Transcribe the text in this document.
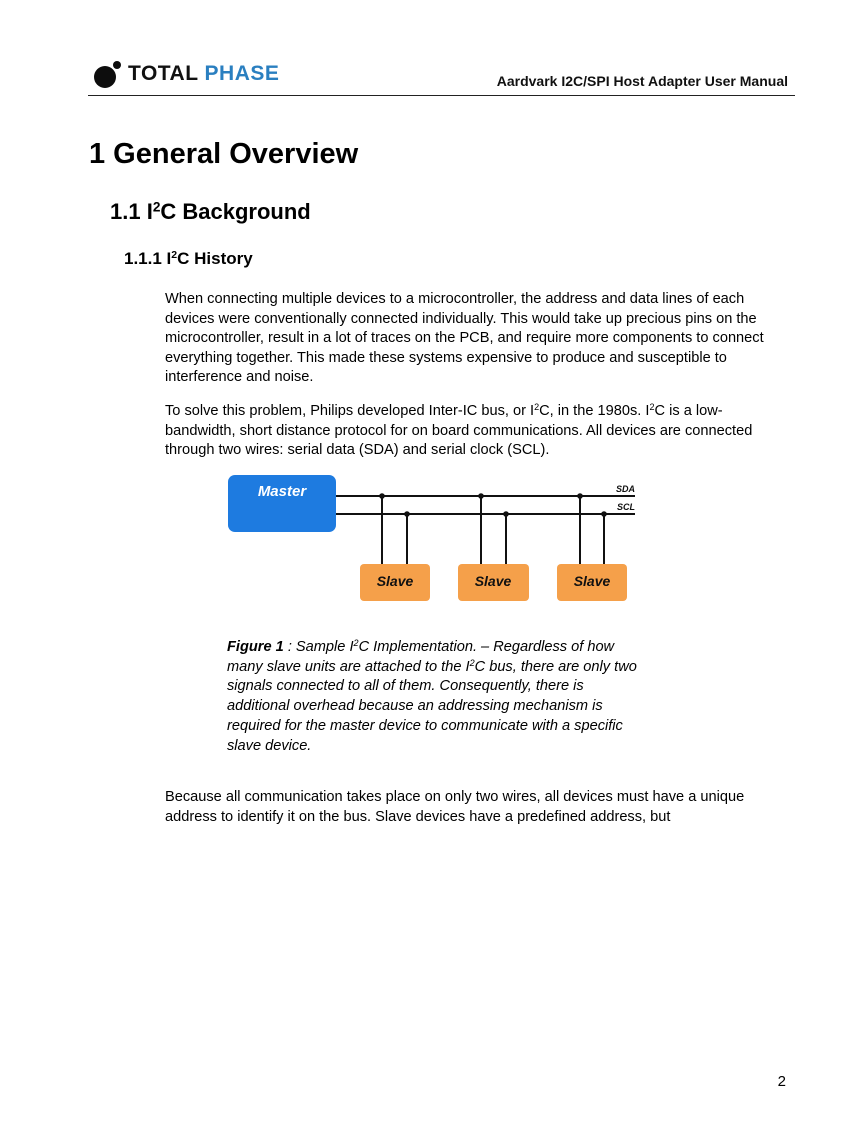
TOTAL PHASE	Aardvark I2C/SPI Host Adapter User Manual
1 General Overview
1.1 $I^2C$ Background
1.1.1 $I^2C$ History

When connecting multiple devices to a microcontroller, the address and data lines of each devices were conventionally connected individually. This would take up precious pins on the microcontroller, result in a lot of traces on the PCB, and require more components to connect everything together. This made these systems expensive to produce and susceptible to interference and noise.

To solve this problem, Philips developed Inter-IC bus, or $I^2C$, in the 1980s. $I^2C$ is a low-bandwidth, short distance protocol for on board communications. All devices are connected through two wires: serial data (SDA) and serial clock (SCL).

Master	SDA
SCL
Slave	Slave	Slave

Figure 1 : Sample $I^2C$ Implementation. – Regardless of how many slave units are attached to the $I^2C$ bus, there are only two signals connected to all of them. Consequently, there is additional overhead because an addressing mechanism is required for the master device to communicate with a specific slave device.

Because all communication takes place on only two wires, all devices must have a unique address to identify it on the bus. Slave devices have a predefined address, but

2
